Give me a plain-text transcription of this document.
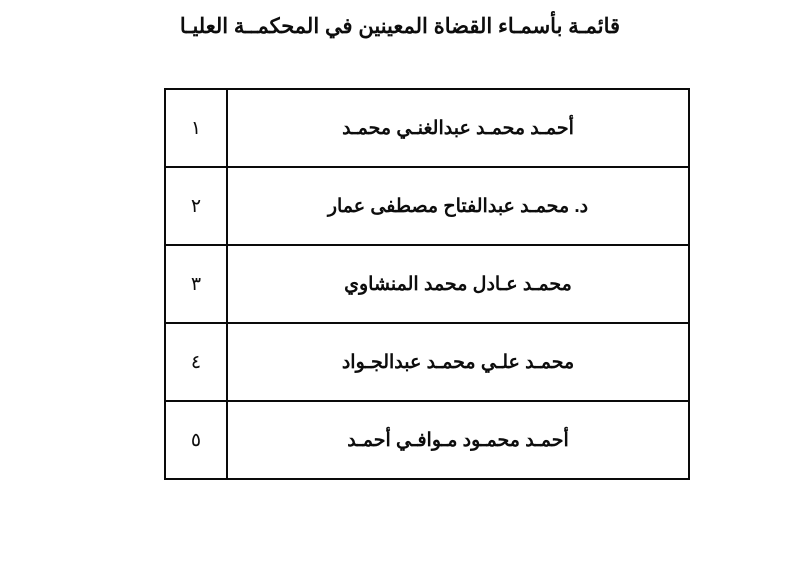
قائمـة بأسمـاء القضاة المعينين في المحكمــة العليـا
أحمـد محمـد عبدالغنـي محمـد	١
د. محمـد عبدالفتاح مصطفى عمار	٢
محمـد عـادل محمد المنشاوي	٣
محمـد علـي محمـد عبدالجـواد	٤
أحمـد محمـود مـوافـي أحمـد	٥
